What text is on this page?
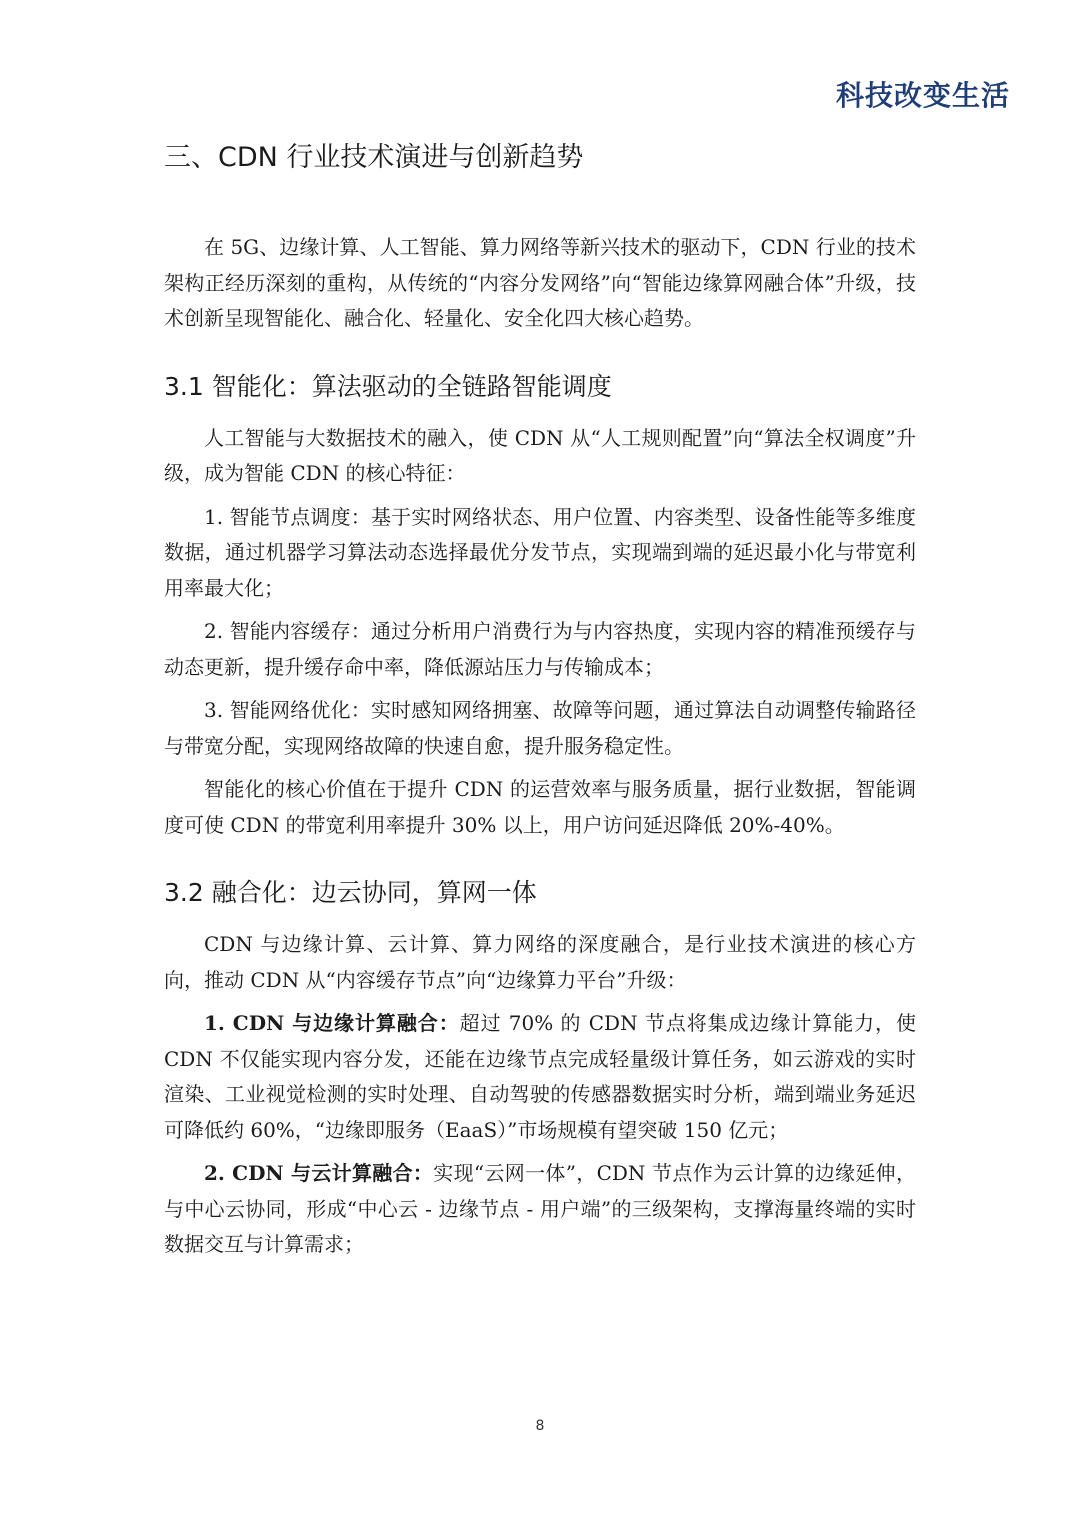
科技改变生活
三、CDN 行业技术演进与创新趋势

在 5G、边缘计算、人工智能、算力网络等新兴技术的驱动下，CDN 行业的技术架构正经历深刻的重构，从传统的“内容分发网络”向“智能边缘算网融合体”升级，技术创新呈现智能化、融合化、轻量化、安全化四大核心趋势。

3.1 智能化：算法驱动的全链路智能调度

人工智能与大数据技术的融入，使 CDN 从“人工规则配置”向“算法全权调度”升级，成为智能 CDN 的核心特征：

1. 智能节点调度：基于实时网络状态、用户位置、内容类型、设备性能等多维度数据，通过机器学习算法动态选择最优分发节点，实现端到端的延迟最小化与带宽利用率最大化；

2. 智能内容缓存：通过分析用户消费行为与内容热度，实现内容的精准预缓存与动态更新，提升缓存命中率，降低源站压力与传输成本；

3. 智能网络优化：实时感知网络拥塞、故障等问题，通过算法自动调整传输路径与带宽分配，实现网络故障的快速自愈，提升服务稳定性。

智能化的核心价值在于提升 CDN 的运营效率与服务质量，据行业数据，智能调度可使 CDN 的带宽利用率提升 30% 以上，用户访问延迟降低 20%-40%。

3.2 融合化：边云协同，算网一体

CDN 与边缘计算、云计算、算力网络的深度融合，是行业技术演进的核心方向，推动 CDN 从“内容缓存节点”向“边缘算力平台”升级：

1. CDN 与边缘计算融合：超过 70% 的 CDN 节点将集成边缘计算能力，使 CDN 不仅能实现内容分发，还能在边缘节点完成轻量级计算任务，如云游戏的实时渲染、工业视觉检测的实时处理、自动驾驶的传感器数据实时分析，端到端业务延迟可降低约 60%，“边缘即服务（EaaS）”市场规模有望突破 150 亿元；

2. CDN 与云计算融合：实现“云网一体”，CDN 节点作为云计算的边缘延伸，与中心云协同，形成“中心云 - 边缘节点 - 用户端”的三级架构，支撑海量终端的实时数据交互与计算需求；

8
